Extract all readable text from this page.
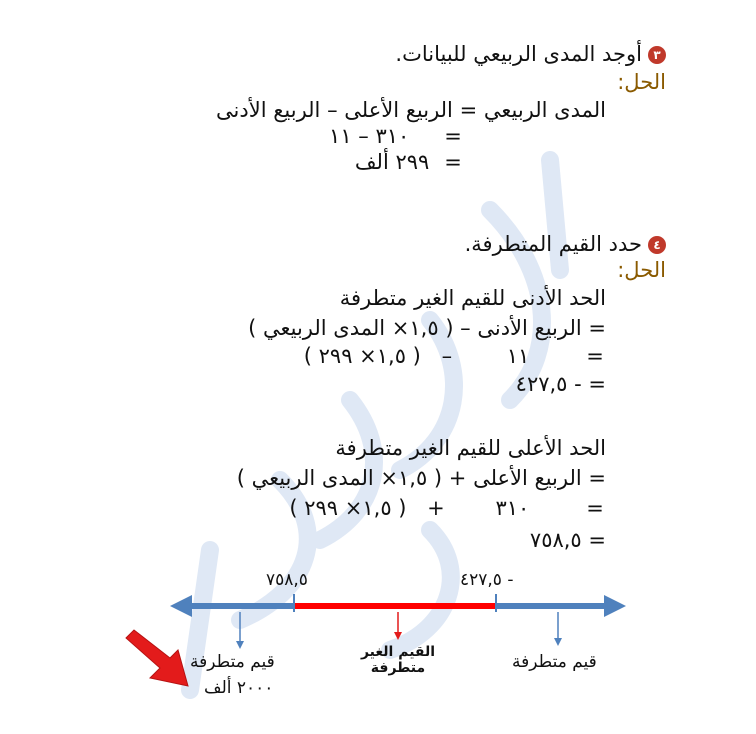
٣أوجد المدى الربيعي للبيانات.
الحل:
المدى الربيعي = الربيع الأعلى – الربيع الأدنى
= ٣١٠ – ١١
= ٢٩٩ ألف
٤حدد القيم المتطرفة.
الحل:
الحد الأدنى للقيم الغير متطرفة
= الربيع الأدنى – ( ١,٥× المدى الربيعي )
= ١١ – ( ١,٥× ٢٩٩ )
= - ٤٢٧,٥
الحد الأعلى للقيم الغير متطرفة
= الربيع الأعلى + ( ١,٥× المدى الربيعي )
= ٣١٠ + ( ١,٥× ٢٩٩ )
= ٧٥٨,٥
٧٥٨,٥	- ٤٢٧,٥
قيم متطرفة
٢٠٠٠ ألف
القيم الغير
متطرفة	قيم متطرفة
